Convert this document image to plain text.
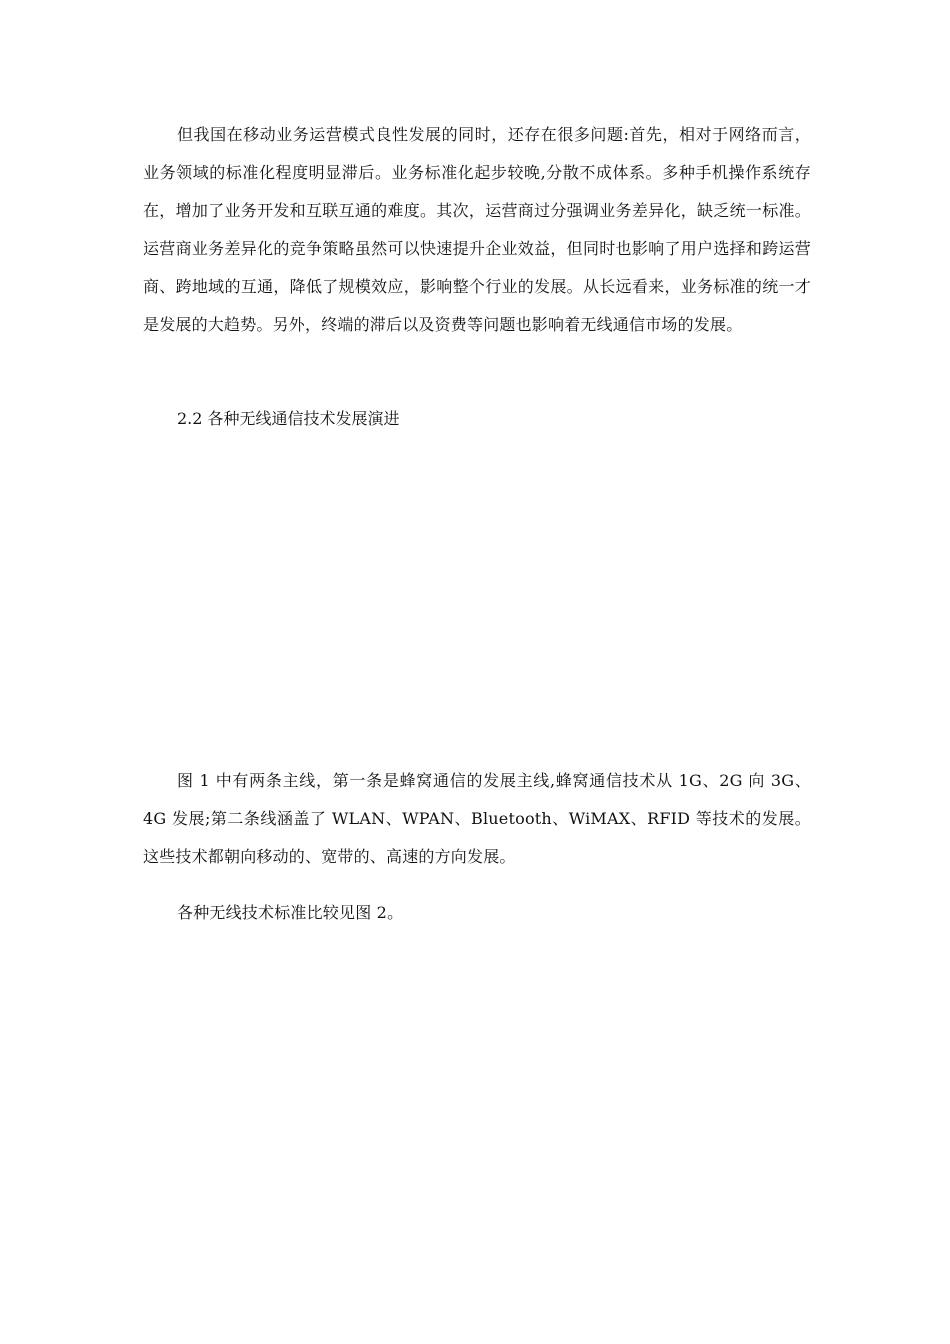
但我国在移动业务运营模式良性发展的同时，还存在很多问题:首先，相对于网络而言，业务领域的标准化程度明显滞后。业务标准化起步较晚,分散不成体系。多种手机操作系统存在，增加了业务开发和互联互通的难度。其次，运营商过分强调业务差异化，缺乏统一标准。运营商业务差异化的竞争策略虽然可以快速提升企业效益，但同时也影响了用户选择和跨运营商、跨地域的互通，降低了规模效应，影响整个行业的发展。从长远看来，业务标准的统一才是发展的大趋势。另外，终端的滞后以及资费等问题也影响着无线通信市场的发展。

2.2 各种无线通信技术发展演进

图 1 中有两条主线，第一条是蜂窝通信的发展主线,蜂窝通信技术从 1G、2G 向 3G、4G 发展;第二条线涵盖了 WLAN、WPAN、Bluetooth、WiMAX、RFID 等技术的发展。这些技术都朝向移动的、宽带的、高速的方向发展。

各种无线技术标准比较见图 2。
